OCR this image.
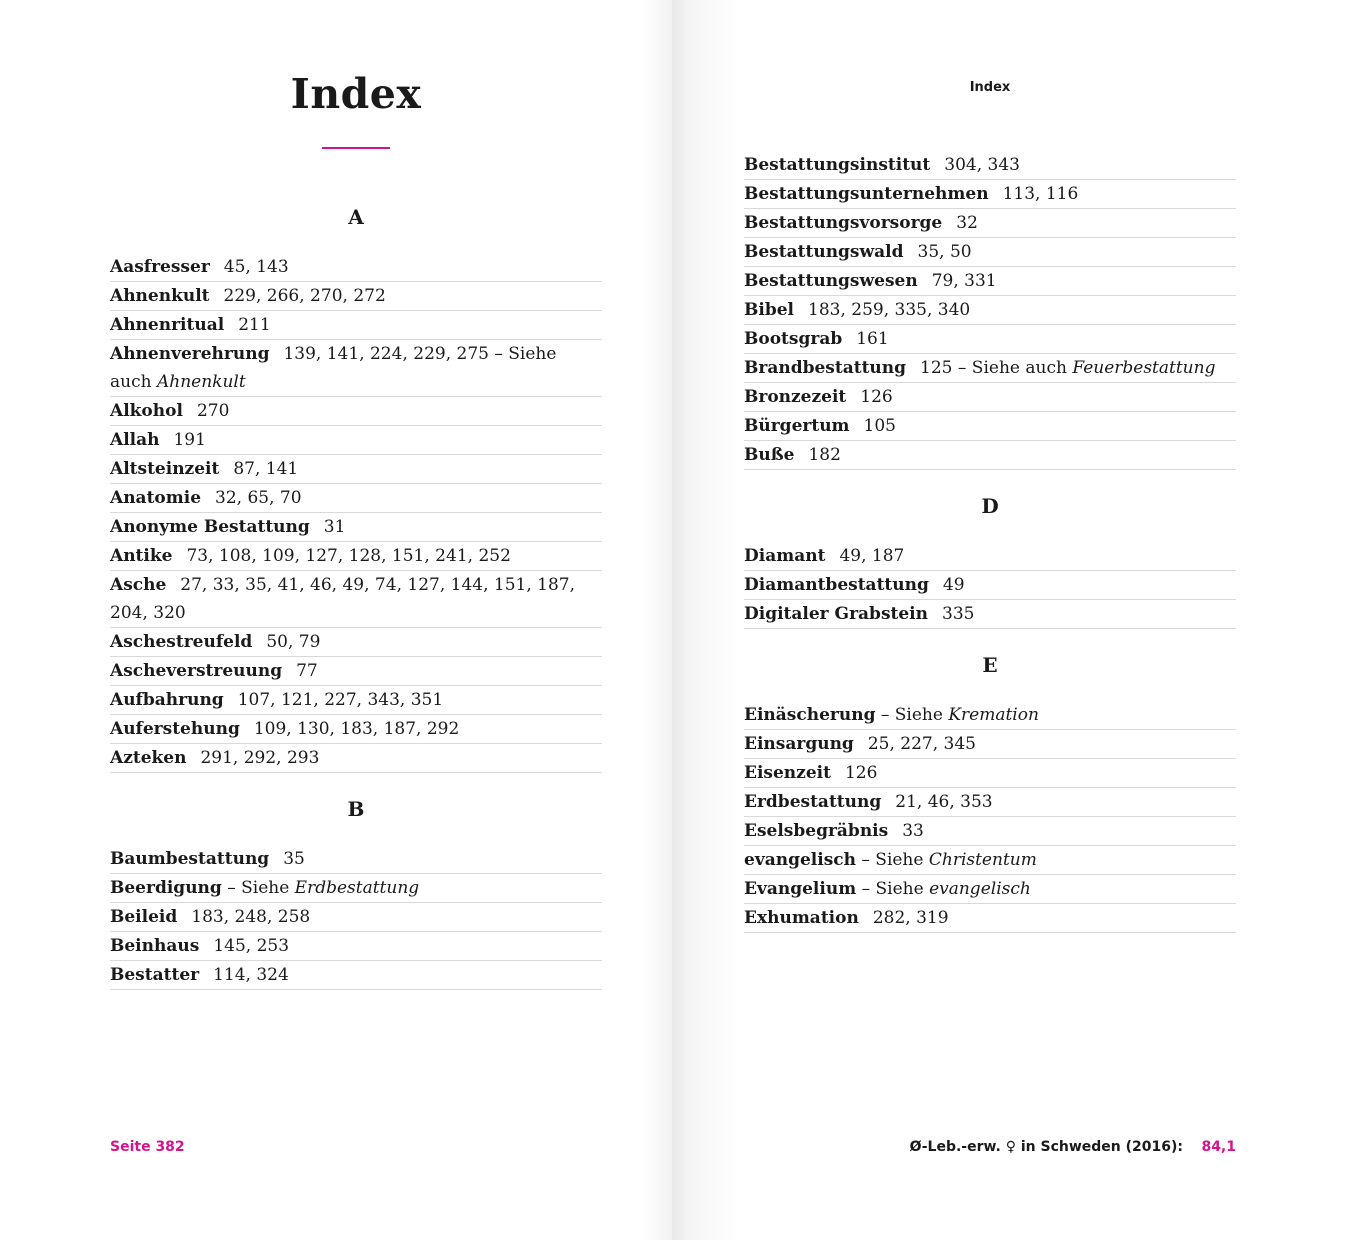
Index
A
Aasfresser 45, 143
Ahnenkult 229, 266, 270, 272
Ahnenritual 211
Ahnenverehrung 139, 141, 224, 229, 275 – Siehe auch Ahnenkult
Alkohol 270
Allah 191
Altsteinzeit 87, 141
Anatomie 32, 65, 70
Anonyme Bestattung 31
Antike 73, 108, 109, 127, 128, 151, 241, 252
Asche 27, 33, 35, 41, 46, 49, 74, 127, 144, 151, 187, 204, 320
Aschestreufeld 50, 79
Ascheverstreuung 77
Aufbahrung 107, 121, 227, 343, 351
Auferstehung 109, 130, 183, 187, 292
Azteken 291, 292, 293
B
Baumbestattung 35
Beerdigung – Siehe Erdbestattung
Beileid 183, 248, 258
Beinhaus 145, 253
Bestatter 114, 324
Seite 382
Index
Bestattungsinstitut 304, 343
Bestattungsunternehmen 113, 116
Bestattungsvorsorge 32
Bestattungswald 35, 50
Bestattungswesen 79, 331
Bibel 183, 259, 335, 340
Bootsgrab 161
Brandbestattung 125 – Siehe auch Feuerbestattung
Bronzezeit 126
Bürgertum 105
Buße 182
D
Diamant 49, 187
Diamantbestattung 49
Digitaler Grabstein 335
E
Einäscherung – Siehe Kremation
Einsargung 25, 227, 345
Eisenzeit 126
Erdbestattung 21, 46, 353
Eselsbegräbnis 33
evangelisch – Siehe Christentum
Evangelium – Siehe evangelisch
Exhumation 282, 319
Ø-Leb.-erw. ♀ in Schweden (2016): 84,1
